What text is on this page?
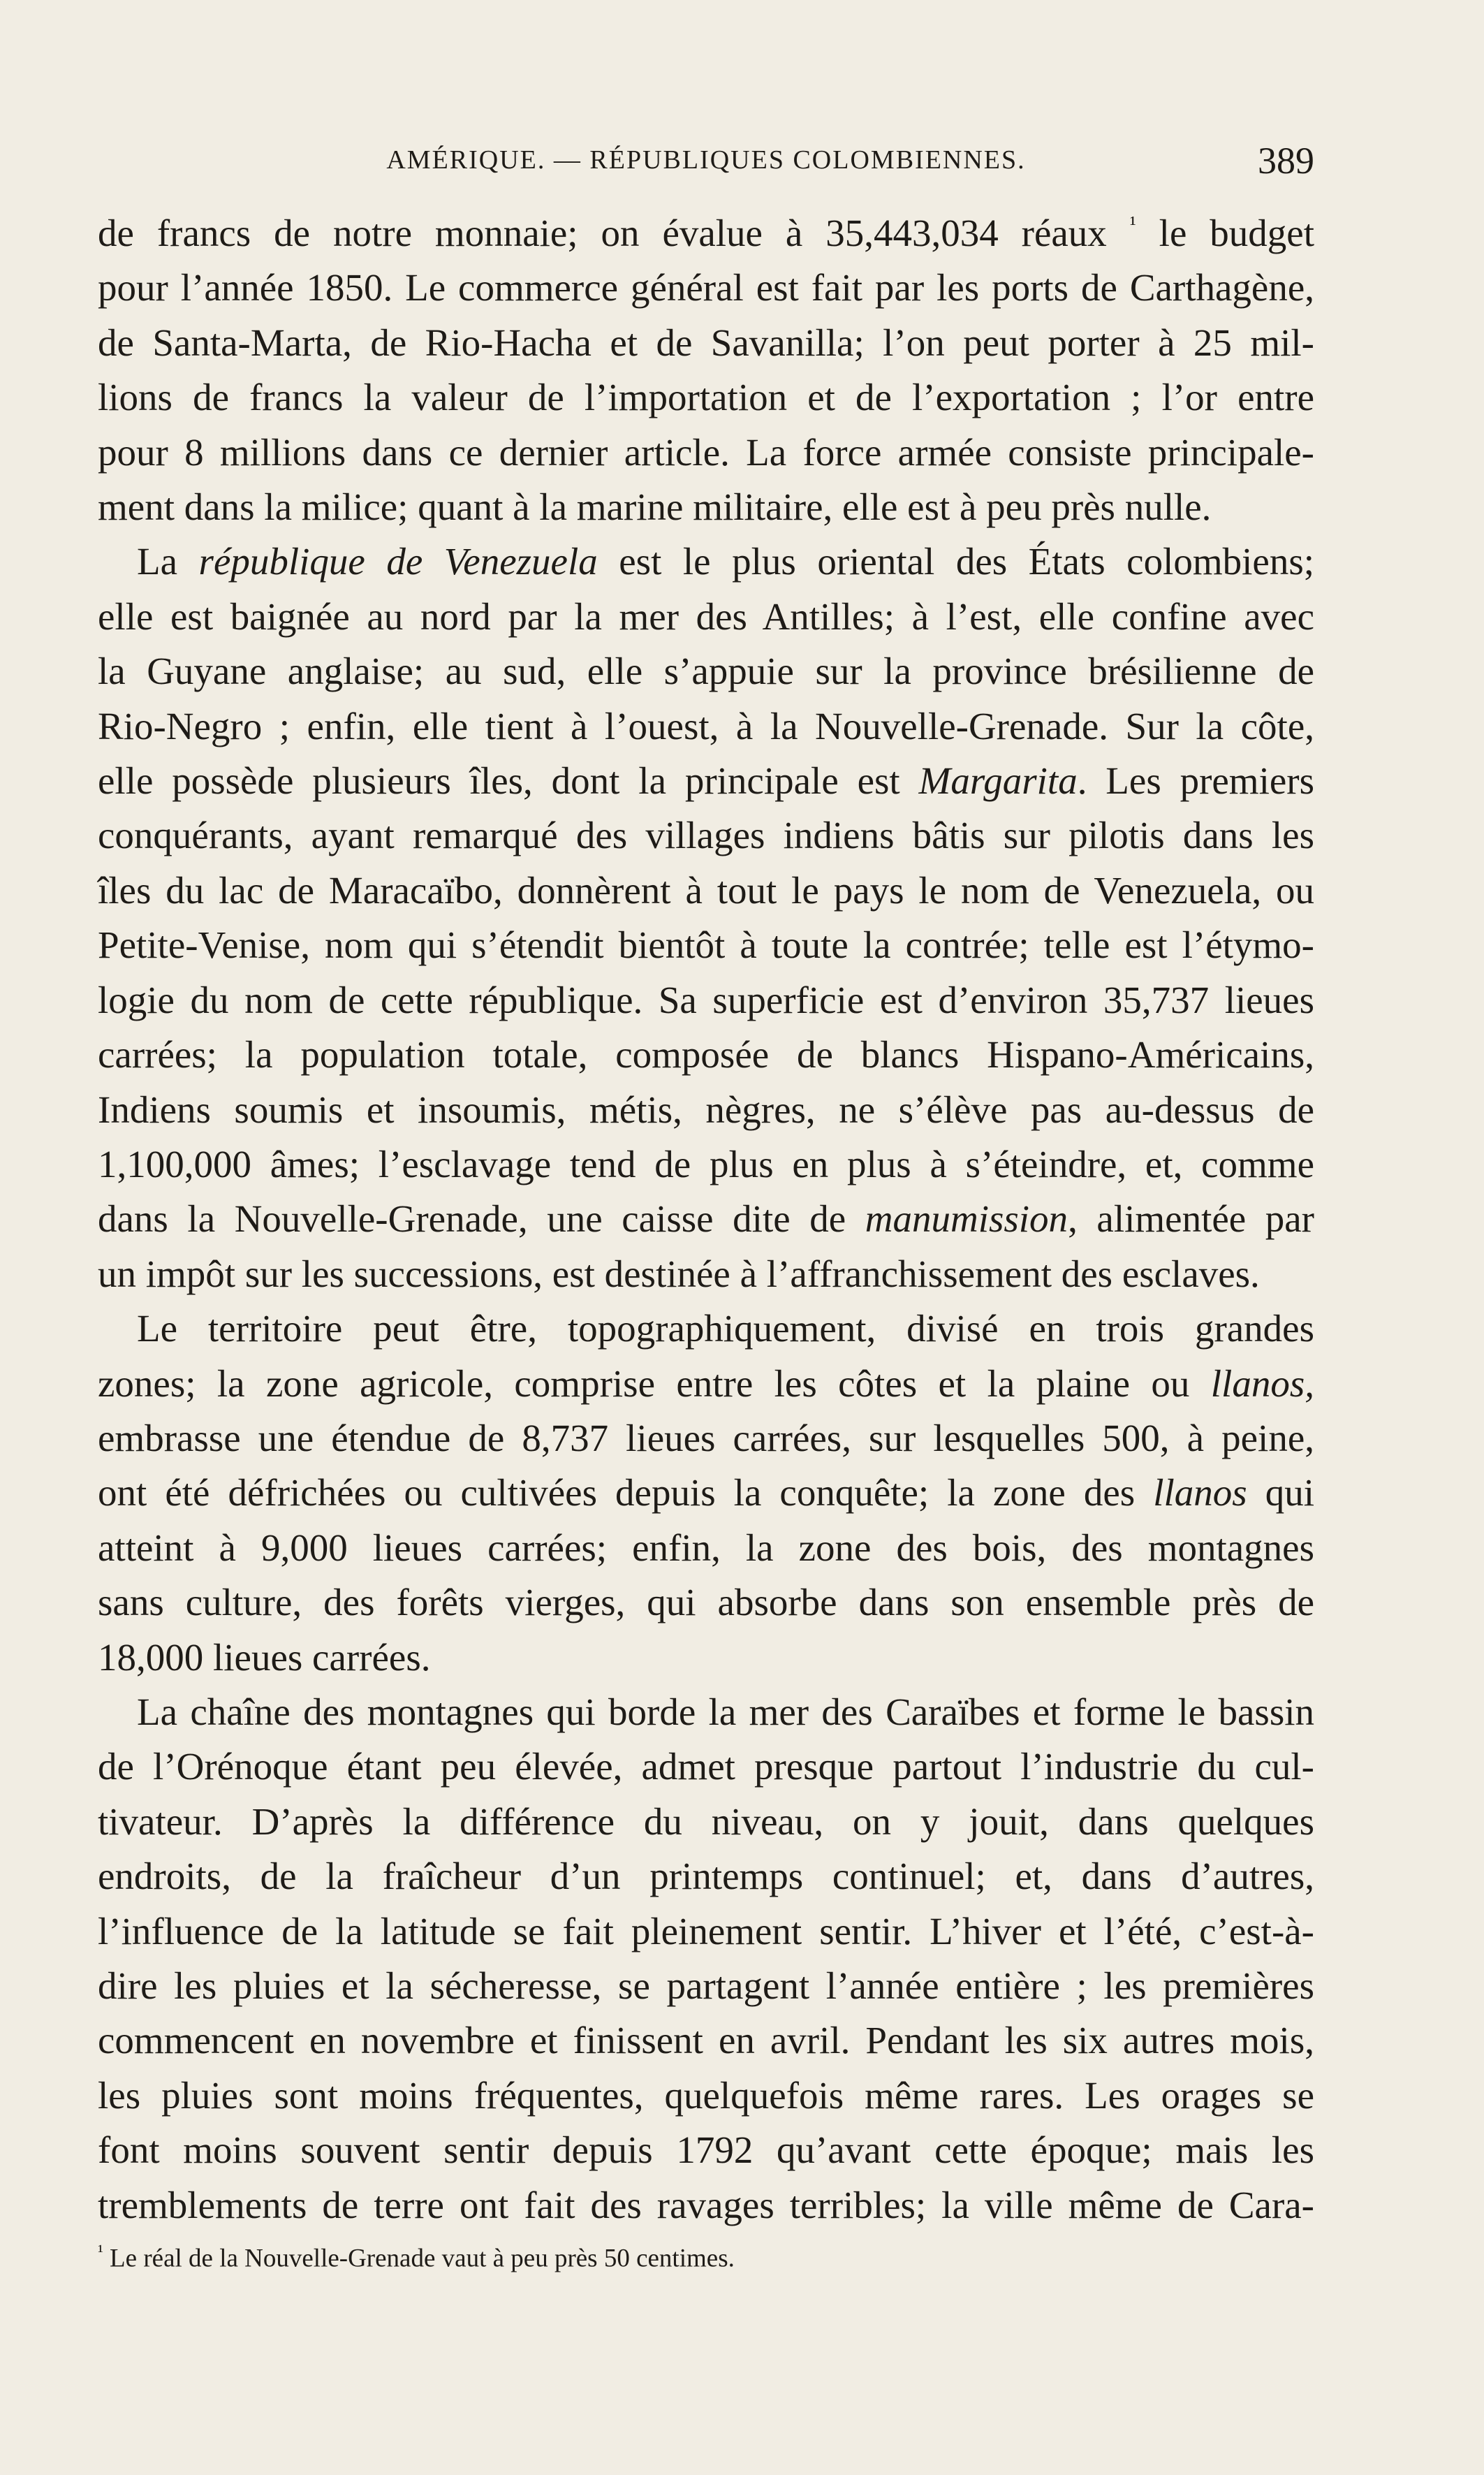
AMÉRIQUE. — RÉPUBLIQUES COLOMBIENNES.	389

de francs de notre monnaie; on évalue à 35,443,034 réaux $^{^1}$ le budget
pour l’année 1850. Le commerce général est fait par les ports de Carthagène,
de Santa-Marta, de Rio-Hacha et de Savanilla; l’on peut porter à 25 mil-
lions de francs la valeur de l’importation et de l’exportation ; l’or entre
pour 8 millions dans ce dernier article. La force armée consiste principale-
ment dans la milice; quant à la marine militaire, elle est à peu près nulle.

La république de Venezuela est le plus oriental des États colombiens;
elle est baignée au nord par la mer des Antilles; à l’est, elle confine avec
la Guyane anglaise; au sud, elle s’appuie sur la province brésilienne de
Rio-Negro ; enfin, elle tient à l’ouest, à la Nouvelle-Grenade. Sur la côte,
elle possède plusieurs îles, dont la principale est Margarita. Les premiers
conquérants, ayant remarqué des villages indiens bâtis sur pilotis dans les
îles du lac de Maracaïbo, donnèrent à tout le pays le nom de Venezuela, ou
Petite-Venise, nom qui s’étendit bientôt à toute la contrée; telle est l’étymo-
logie du nom de cette république. Sa superficie est d’environ 35,737 lieues
carrées; la population totale, composée de blancs Hispano-Américains,
Indiens soumis et insoumis, métis, nègres, ne s’élève pas au-dessus de
1,100,000 âmes; l’esclavage tend de plus en plus à s’éteindre, et, comme
dans la Nouvelle-Grenade, une caisse dite de manumission, alimentée par
un impôt sur les successions, est destinée à l’affranchissement des esclaves.

Le territoire peut être, topographiquement, divisé en trois grandes
zones; la zone agricole, comprise entre les côtes et la plaine ou llanos,
embrasse une étendue de 8,737 lieues carrées, sur lesquelles 500, à peine,
ont été défrichées ou cultivées depuis la conquête; la zone des llanos qui
atteint à 9,000 lieues carrées; enfin, la zone des bois, des montagnes
sans culture, des forêts vierges, qui absorbe dans son ensemble près de
18,000 lieues carrées.

La chaîne des montagnes qui borde la mer des Caraïbes et forme le bassin
de l’Orénoque étant peu élevée, admet presque partout l’industrie du cul-
tivateur. D’après la différence du niveau, on y jouit, dans quelques
endroits, de la fraîcheur d’un printemps continuel; et, dans d’autres,
l’influence de la latitude se fait pleinement sentir. L’hiver et l’été, c’est-à-
dire les pluies et la sécheresse, se partagent l’année entière ; les premières
commencent en novembre et finissent en avril. Pendant les six autres mois,
les pluies sont moins fréquentes, quelquefois même rares. Les orages se
font moins souvent sentir depuis 1792 qu’avant cette époque; mais les
tremblements de terre ont fait des ravages terribles; la ville même de Cara-

$^{^1}$ Le réal de la Nouvelle-Grenade vaut à peu près 50 centimes.
